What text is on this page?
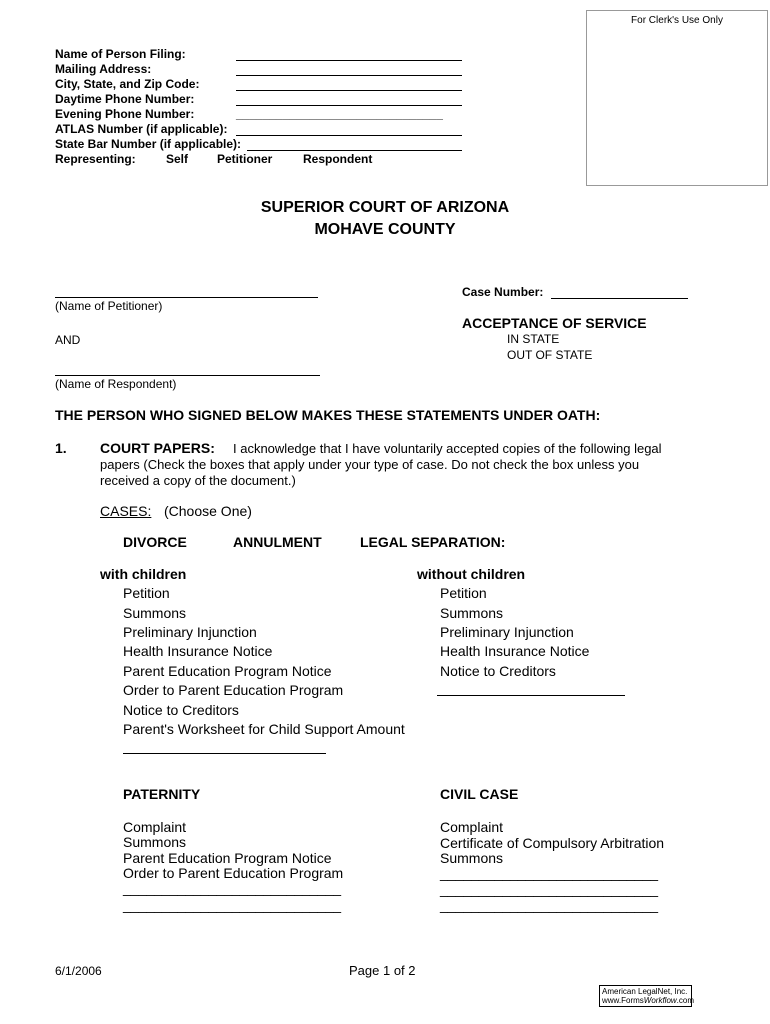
For Clerk's Use Only
Name of Person Filing:
Mailing Address:
City, State, and Zip Code:
Daytime Phone Number:
Evening Phone Number:	_______________________________
ATLAS Number (if applicable):
State Bar Number (if applicable):
Representing:	Self Petitioner	Respondent
SUPERIOR COURT OF ARIZONA
MOHAVE COUNTY
(Name of Petitioner)
AND
(Name of Respondent)
Case Number:
ACCEPTANCE OF SERVICE
IN STATE
OUT OF STATE
THE PERSON WHO SIGNED BELOW MAKES THESE STATEMENTS UNDER OATH:
1. COURT PAPERS: I acknowledge that I have voluntarily accepted copies of the following legal
papers (Check the boxes that apply under your type of case. Do not check the box unless you
received a copy of the document.)
CASES: (Choose One)
DIVORCE	ANNULMENT	LEGAL SEPARATION:
with children
Petition
Summons
Preliminary Injunction
Health Insurance Notice
Parent Education Program Notice
Order to Parent Education Program
Notice to Creditors
Parent's Worksheet for Child Support Amount
without children
Petition
Summons
Preliminary Injunction
Health Insurance Notice
Notice to Creditors
PATERNITY
Complaint
Summons
Parent Education Program Notice
Order to Parent Education Program
____________________________
____________________________
CIVIL CASE
Complaint
Certificate of Compulsory Arbitration
Summons
____________________________
____________________________
____________________________
6/1/2006	Page 1 of 2
American LegalNet, Inc.
www.FormsWorkflow.com
